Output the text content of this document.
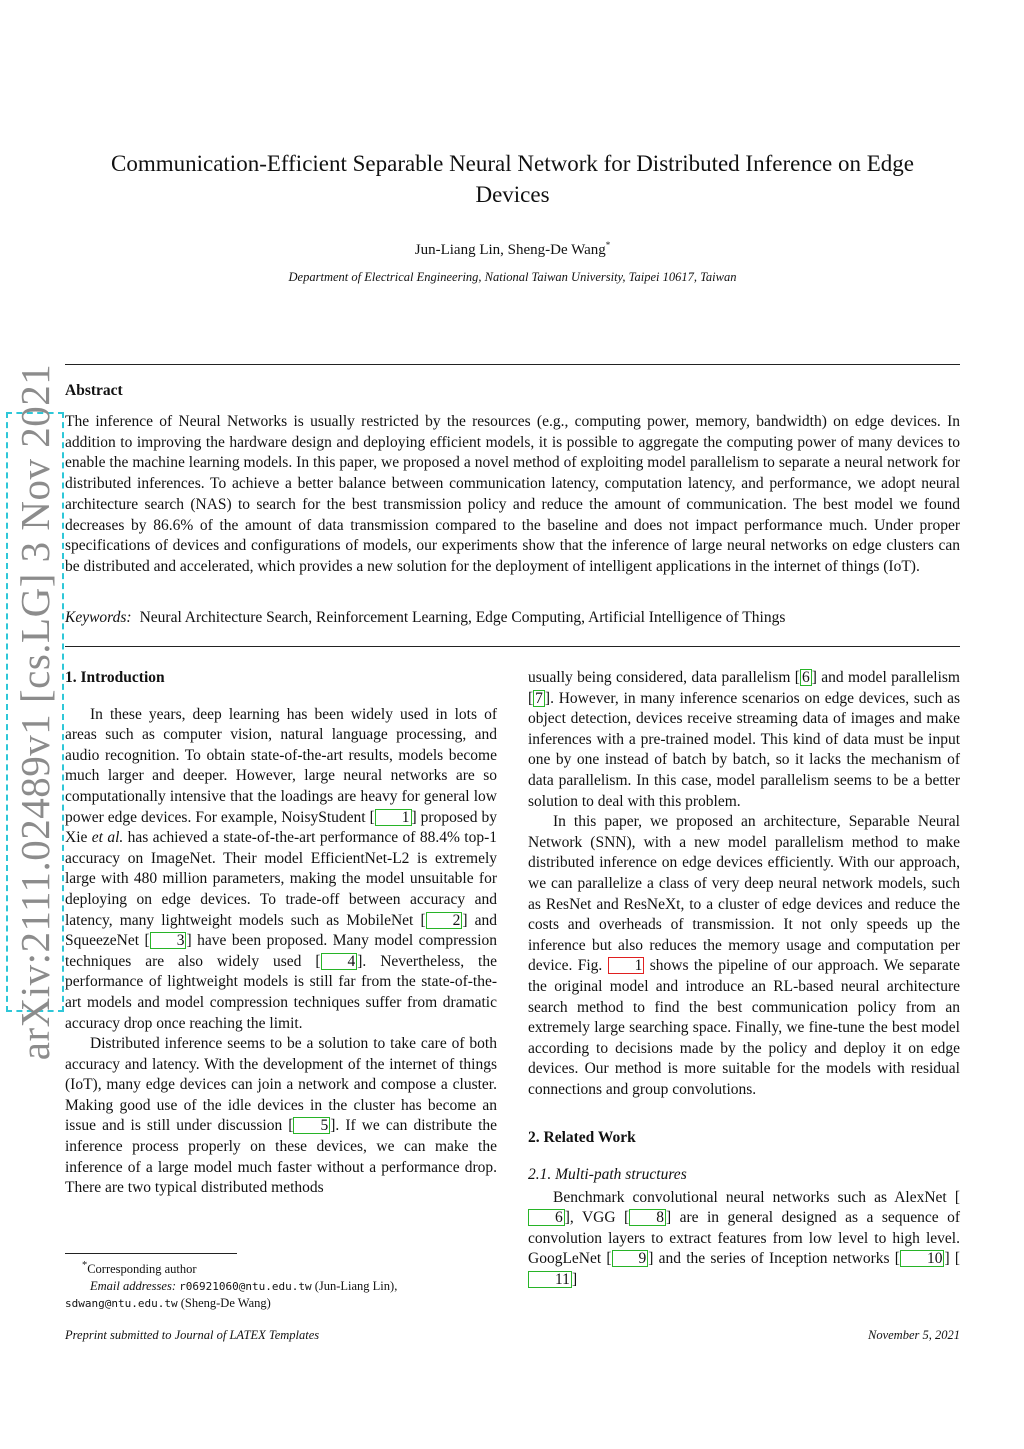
arXiv:2111.02489v1 [cs.LG] 3 Nov 2021
Communication-Efficient Separable Neural Network for Distributed Inference on Edge
Devices
Jun-Liang Lin, Sheng-De Wang*
Department of Electrical Engineering, National Taiwan University, Taipei 10617, Taiwan
Abstract
The inference of Neural Networks is usually restricted by the resources (e.g., computing power, memory, bandwidth) on edge devices. In addition to improving the hardware design and deploying efficient models, it is possible to aggregate the computing power of many devices to enable the machine learning models. In this paper, we proposed a novel method of exploiting model parallelism to separate a neural network for distributed inferences. To achieve a better balance between communication latency, computation latency, and performance, we adopt neural architecture search (NAS) to search for the best transmission policy and reduce the amount of communication. The best model we found decreases by 86.6% of the amount of data transmission compared to the baseline and does not impact performance much. Under proper specifications of devices and configurations of models, our experiments show that the inference of large neural networks on edge clusters can be distributed and accelerated, which provides a new solution for the deployment of intelligent applications in the internet of things (IoT).
Keywords: Neural Architecture Search, Reinforcement Learning, Edge Computing, Artificial Intelligence of Things
1. Introduction

In these years, deep learning has been widely used in lots of areas such as computer vision, natural language processing, and audio recognition. To obtain state-of-the-art results, models become much larger and deeper. However, large neural networks are so computationally intensive that the loadings are heavy for general low power edge devices. For example, NoisyStudent [ 1 ] proposed by Xie et al. has achieved a state-of-the-art performance of 88.4% top-1 accuracy on ImageNet. Their model EfficientNet-L2 is extremely large with 480 million parameters, making the model unsuitable for deploying on edge devices. To trade-off between accuracy and latency, many lightweight models such as MobileNet [ 2 ] and SqueezeNet [ 3 ] have been proposed. Many model compression techniques are also widely used [ 4 ]. Nevertheless, the performance of lightweight models is still far from the state-of-the-art models and model compression techniques suffer from dramatic accuracy drop once reaching the limit.

Distributed inference seems to be a solution to take care of both accuracy and latency. With the development of the internet of things (IoT), many edge devices can join a network and compose a cluster. Making good use of the idle devices in the cluster has become an issue and is still under discussion [ 5 ]. If we can distribute the inference process properly on these devices, we can make the inference of a large model much faster without a performance drop. There are two typical distributed methods

usually being considered, data parallelism [ 6 ] and model parallelism [ 7 ]. However, in many inference scenarios on edge devices, such as object detection, devices receive streaming data of images and make inferences with a pre-trained model. This kind of data must be input one by one instead of batch by batch, so it lacks the mechanism of data parallelism. In this case, model parallelism seems to be a better solution to deal with this problem.

In this paper, we proposed an architecture, Separable Neural Network (SNN), with a new model parallelism method to make distributed inference on edge devices efficiently. With our approach, we can parallelize a class of very deep neural network models, such as ResNet and ResNeXt, to a cluster of edge devices and reduce the costs and overheads of transmission. It not only speeds up the inference but also reduces the memory usage and computation per device. Fig. 1 shows the pipeline of our approach. We separate the original model and introduce an RL-based neural architecture search method to find the best communication policy from an extremely large searching space. Finally, we fine-tune the best model according to decisions made by the policy and deploy it on edge devices. Our method is more suitable for the models with residual connections and group convolutions.

2. Related Work
2.1. Multi-path structures

Benchmark convolutional neural networks such as AlexNet [6 ], VGG [ 8 ] are in general designed as a sequence of convolution layers to extract features from low level to high level. GoogLeNet [ 9 ] and the series of Inception networks [ 10 ] [11 ]

*Corresponding author
Email addresses: r06921060@ntu.edu.tw (Jun-Liang Lin),
sdwang@ntu.edu.tw (Sheng-De Wang)
Preprint submitted to Journal of LATEX Templates	November 5, 2021
